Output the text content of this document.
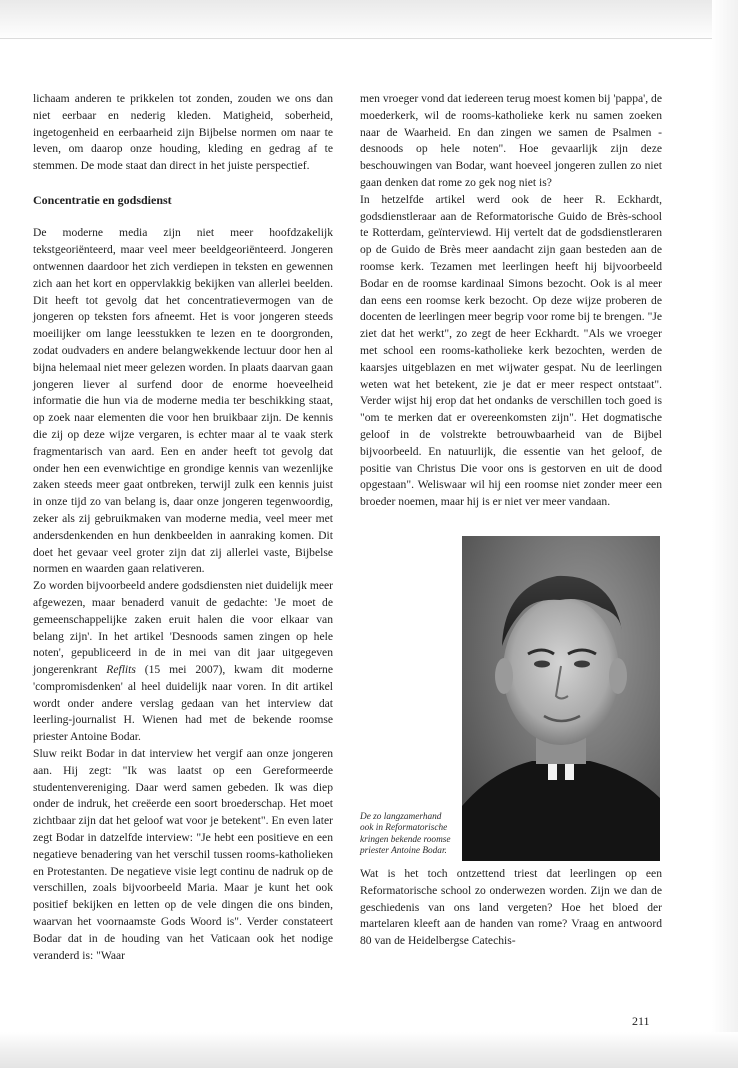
lichaam anderen te prikkelen tot zonden, zouden we ons dan niet eerbaar en nederig kleden. Matigheid, soberheid, ingetogenheid en eerbaarheid zijn Bijbelse normen om naar te leven, om daarop onze houding, kleding en gedrag af te stemmen. De mode staat dan direct in het juiste perspectief.

Concentratie en godsdienst

De moderne media zijn niet meer hoofdzakelijk tekstgeoriënteerd, maar veel meer beeldgeoriënteerd. Jongeren ontwennen daardoor het zich verdiepen in teksten en gewennen zich aan het kort en oppervlakkig bekijken van allerlei beelden. Dit heeft tot gevolg dat het concentratievermogen van de jongeren op teksten fors afneemt. Het is voor jongeren steeds moeilijker om lange leesstukken te lezen en te doorgronden, zodat oudvaders en andere belangwekkende lectuur door hen al bijna helemaal niet meer gelezen worden. In plaats daarvan gaan jongeren liever al surfend door de enorme hoeveelheid informatie die hun via de moderne media ter beschikking staat, op zoek naar elementen die voor hen bruikbaar zijn. De kennis die zij op deze wijze vergaren, is echter maar al te vaak sterk fragmentarisch van aard. Een en ander heeft tot gevolg dat onder hen een evenwichtige en grondige kennis van wezenlijke zaken steeds meer gaat ontbreken, terwijl zulk een kennis juist in onze tijd zo van belang is, daar onze jongeren tegenwoordig, zeker als zij gebruikmaken van moderne media, veel meer met andersdenkenden en hun denkbeelden in aanraking komen. Dit doet het gevaar veel groter zijn dat zij allerlei vaste, Bijbelse normen en waarden gaan relativeren.

Zo worden bijvoorbeeld andere godsdiensten niet duidelijk meer afgewezen, maar benaderd vanuit de gedachte: 'Je moet de gemeenschappelijke zaken eruit halen die voor elkaar van belang zijn'. In het artikel 'Desnoods samen zingen op hele noten', gepubliceerd in de in mei van dit jaar uitgegeven jongerenkrant Reflits (15 mei 2007), kwam dit moderne 'compromisdenken' al heel duidelijk naar voren. In dit artikel wordt onder andere verslag gedaan van het interview dat leerling-journalist H. Wienen had met de bekende roomse priester Antoine Bodar.

Sluw reikt Bodar in dat interview het vergif aan onze jongeren aan. Hij zegt: "Ik was laatst op een Gereformeerde studentenvereniging. Daar werd samen gebeden. Ik was diep onder de indruk, het creëerde een soort broederschap. Het moet zichtbaar zijn dat het geloof wat voor je betekent". En even later zegt Bodar in datzelfde interview: "Je hebt een positieve en een negatieve benadering van het verschil tussen rooms-katholieken en Protestanten. De negatieve visie legt continu de nadruk op de verschillen, zoals bijvoorbeeld Maria. Maar je kunt het ook positief bekijken en letten op de vele dingen die ons binden, waarvan het voornaamste Gods Woord is". Verder constateert Bodar dat in de houding van het Vaticaan ook het nodige veranderd is: "Waar

men vroeger vond dat iedereen terug moest komen bij 'pappa', de moederkerk, wil de rooms-katholieke kerk nu samen zoeken naar de Waarheid. En dan zingen we samen de Psalmen - desnoods op hele noten". Hoe gevaarlijk zijn deze beschouwingen van Bodar, want hoeveel jongeren zullen zo niet gaan denken dat rome zo gek nog niet is?

In hetzelfde artikel werd ook de heer R. Eckhardt, godsdienstleraar aan de Reformatorische Guido de Brès-school te Rotterdam, geïnterviewd. Hij vertelt dat de godsdienstleraren op de Guido de Brès meer aandacht zijn gaan besteden aan de roomse kerk. Tezamen met leerlingen heeft hij bijvoorbeeld Bodar en de roomse kardinaal Simons bezocht. Ook is al meer dan eens een roomse kerk bezocht. Op deze wijze proberen de docenten de leerlingen meer begrip voor rome bij te brengen. "Je ziet dat het werkt", zo zegt de heer Eckhardt. "Als we vroeger met school een rooms-katholieke kerk bezochten, werden de kaarsjes uitgeblazen en met wijwater gespat. Nu de leerlingen weten wat het betekent, zie je dat er meer respect ontstaat". Verder wijst hij erop dat het ondanks de verschillen toch goed is "om te merken dat er overeenkomsten zijn". Het dogmatische geloof in de volstrekte betrouwbaarheid van de Bijbel bijvoorbeeld. En natuurlijk, die essentie van het geloof, de positie van Christus Die voor ons is gestorven en uit de dood opgestaan". Weliswaar wil hij een roomse niet zonder meer een broeder noemen, maar hij is er niet ver meer vandaan.

De zo langzamerhand ook in Reformatorische kringen bekende roomse priester Antoine Bodar.

Wat is het toch ontzettend triest dat leerlingen op een Reformatorische school zo onderwezen worden. Zijn we dan de geschiedenis van ons land vergeten? Hoe het bloed der martelaren kleeft aan de handen van rome? Vraag en antwoord 80 van de Heidelbergse Catechis-

211
